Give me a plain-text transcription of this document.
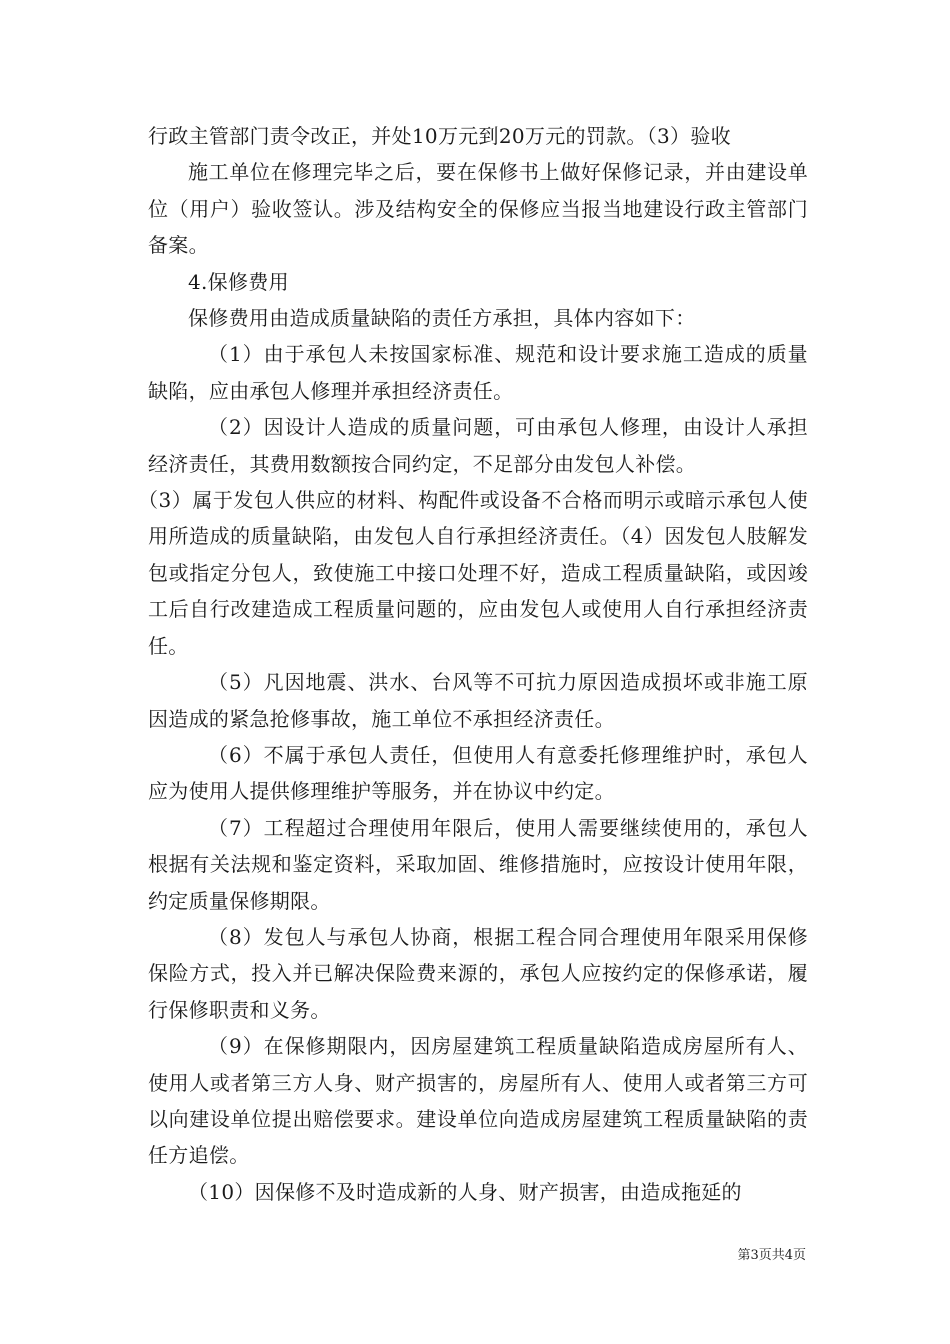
行政主管部门责令改正，并处10万元到20万元的罚款。（3）验收

施工单位在修理完毕之后，要在保修书上做好保修记录，并由建设单位（用户）验收签认。涉及结构安全的保修应当报当地建设行政主管部门备案。

4.保修费用

保修费用由造成质量缺陷的责任方承担，具体内容如下：

（1）由于承包人未按国家标准、规范和设计要求施工造成的质量缺陷，应由承包人修理并承担经济责任。

（2）因设计人造成的质量问题，可由承包人修理，由设计人承担经济责任，其费用数额按合同约定，不足部分由发包人补偿。

（3）属于发包人供应的材料、构配件或设备不合格而明示或暗示承包人使用所造成的质量缺陷，由发包人自行承担经济责任。（4）因发包人肢解发包或指定分包人，致使施工中接口处理不好，造成工程质量缺陷，或因竣工后自行改建造成工程质量问题的，应由发包人或使用人自行承担经济责任。

（5）凡因地震、洪水、台风等不可抗力原因造成损坏或非施工原因造成的紧急抢修事故，施工单位不承担经济责任。

（6）不属于承包人责任，但使用人有意委托修理维护时，承包人应为使用人提供修理维护等服务，并在协议中约定。

（7）工程超过合理使用年限后，使用人需要继续使用的，承包人根据有关法规和鉴定资料，采取加固、维修措施时，应按设计使用年限，约定质量保修期限。

（8）发包人与承包人协商，根据工程合同合理使用年限采用保修保险方式，投入并已解决保险费来源的，承包人应按约定的保修承诺，履行保修职责和义务。

（9）在保修期限内，因房屋建筑工程质量缺陷造成房屋所有人、使用人或者第三方人身、财产损害的，房屋所有人、使用人或者第三方可以向建设单位提出赔偿要求。建设单位向造成房屋建筑工程质量缺陷的责任方追偿。

（10）因保修不及时造成新的人身、财产损害，由造成拖延的

第3页共4页
